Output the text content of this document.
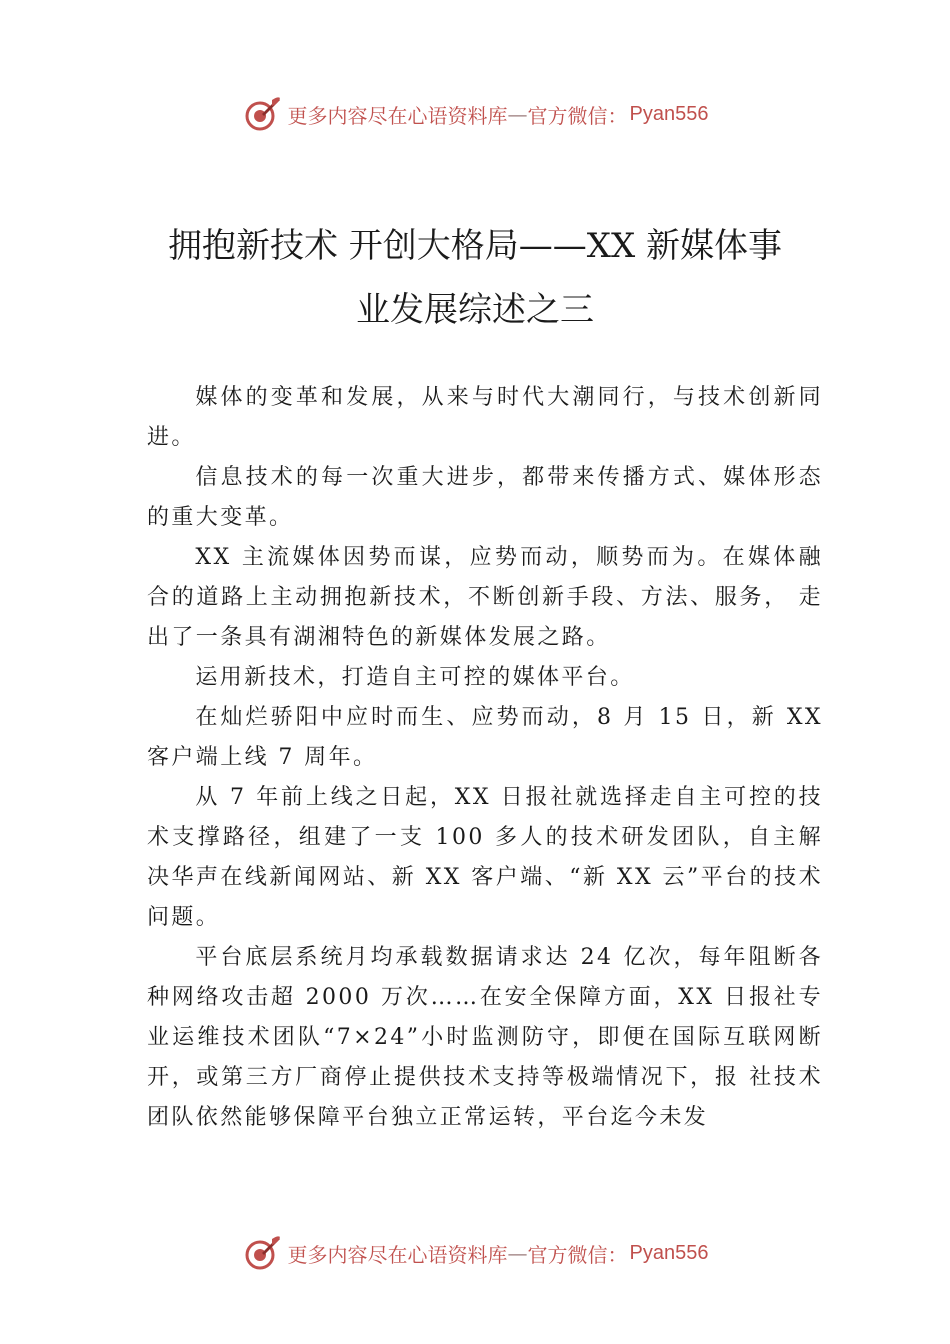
更多内容尽在心语资料库 — 官方微信： Pyan556
拥抱新技术 开创大格局——XX 新媒体事
业发展综述之三

媒体的变革和发展，从来与时代大潮同行，与技术创新同进。

信息技术的每一次重大进步，都带来传播方式、媒体形态的重大变革。

XX 主流媒体因势而谋，应势而动，顺势而为。在媒体融合的道路上主动拥抱新技术，不断创新手段、方法、服务， 走出了一条具有湖湘特色的新媒体发展之路。

运用新技术，打造自主可控的媒体平台。

在灿烂骄阳中应时而生、应势而动，8 月 15 日，新 XX 客户端上线 7 周年。

从 7 年前上线之日起，XX 日报社就选择走自主可控的技术支撑路径，组建了一支 100 多人的技术研发团队，自主解决华声在线新闻网站、新 XX 客户端、“新 XX 云”平台的技术问题。

平台底层系统月均承载数据请求达 24 亿次，每年阻断各种网络攻击超 2000 万次……在安全保障方面，XX 日报社专业运维技术团队“7×24”小时监测防守，即便在国际互联网断开，或第三方厂商停止提供技术支持等极端情况下，报 社技术团队依然能够保障平台独立正常运转，平台迄今未发

更多内容尽在心语资料库 — 官方微信： Pyan556
